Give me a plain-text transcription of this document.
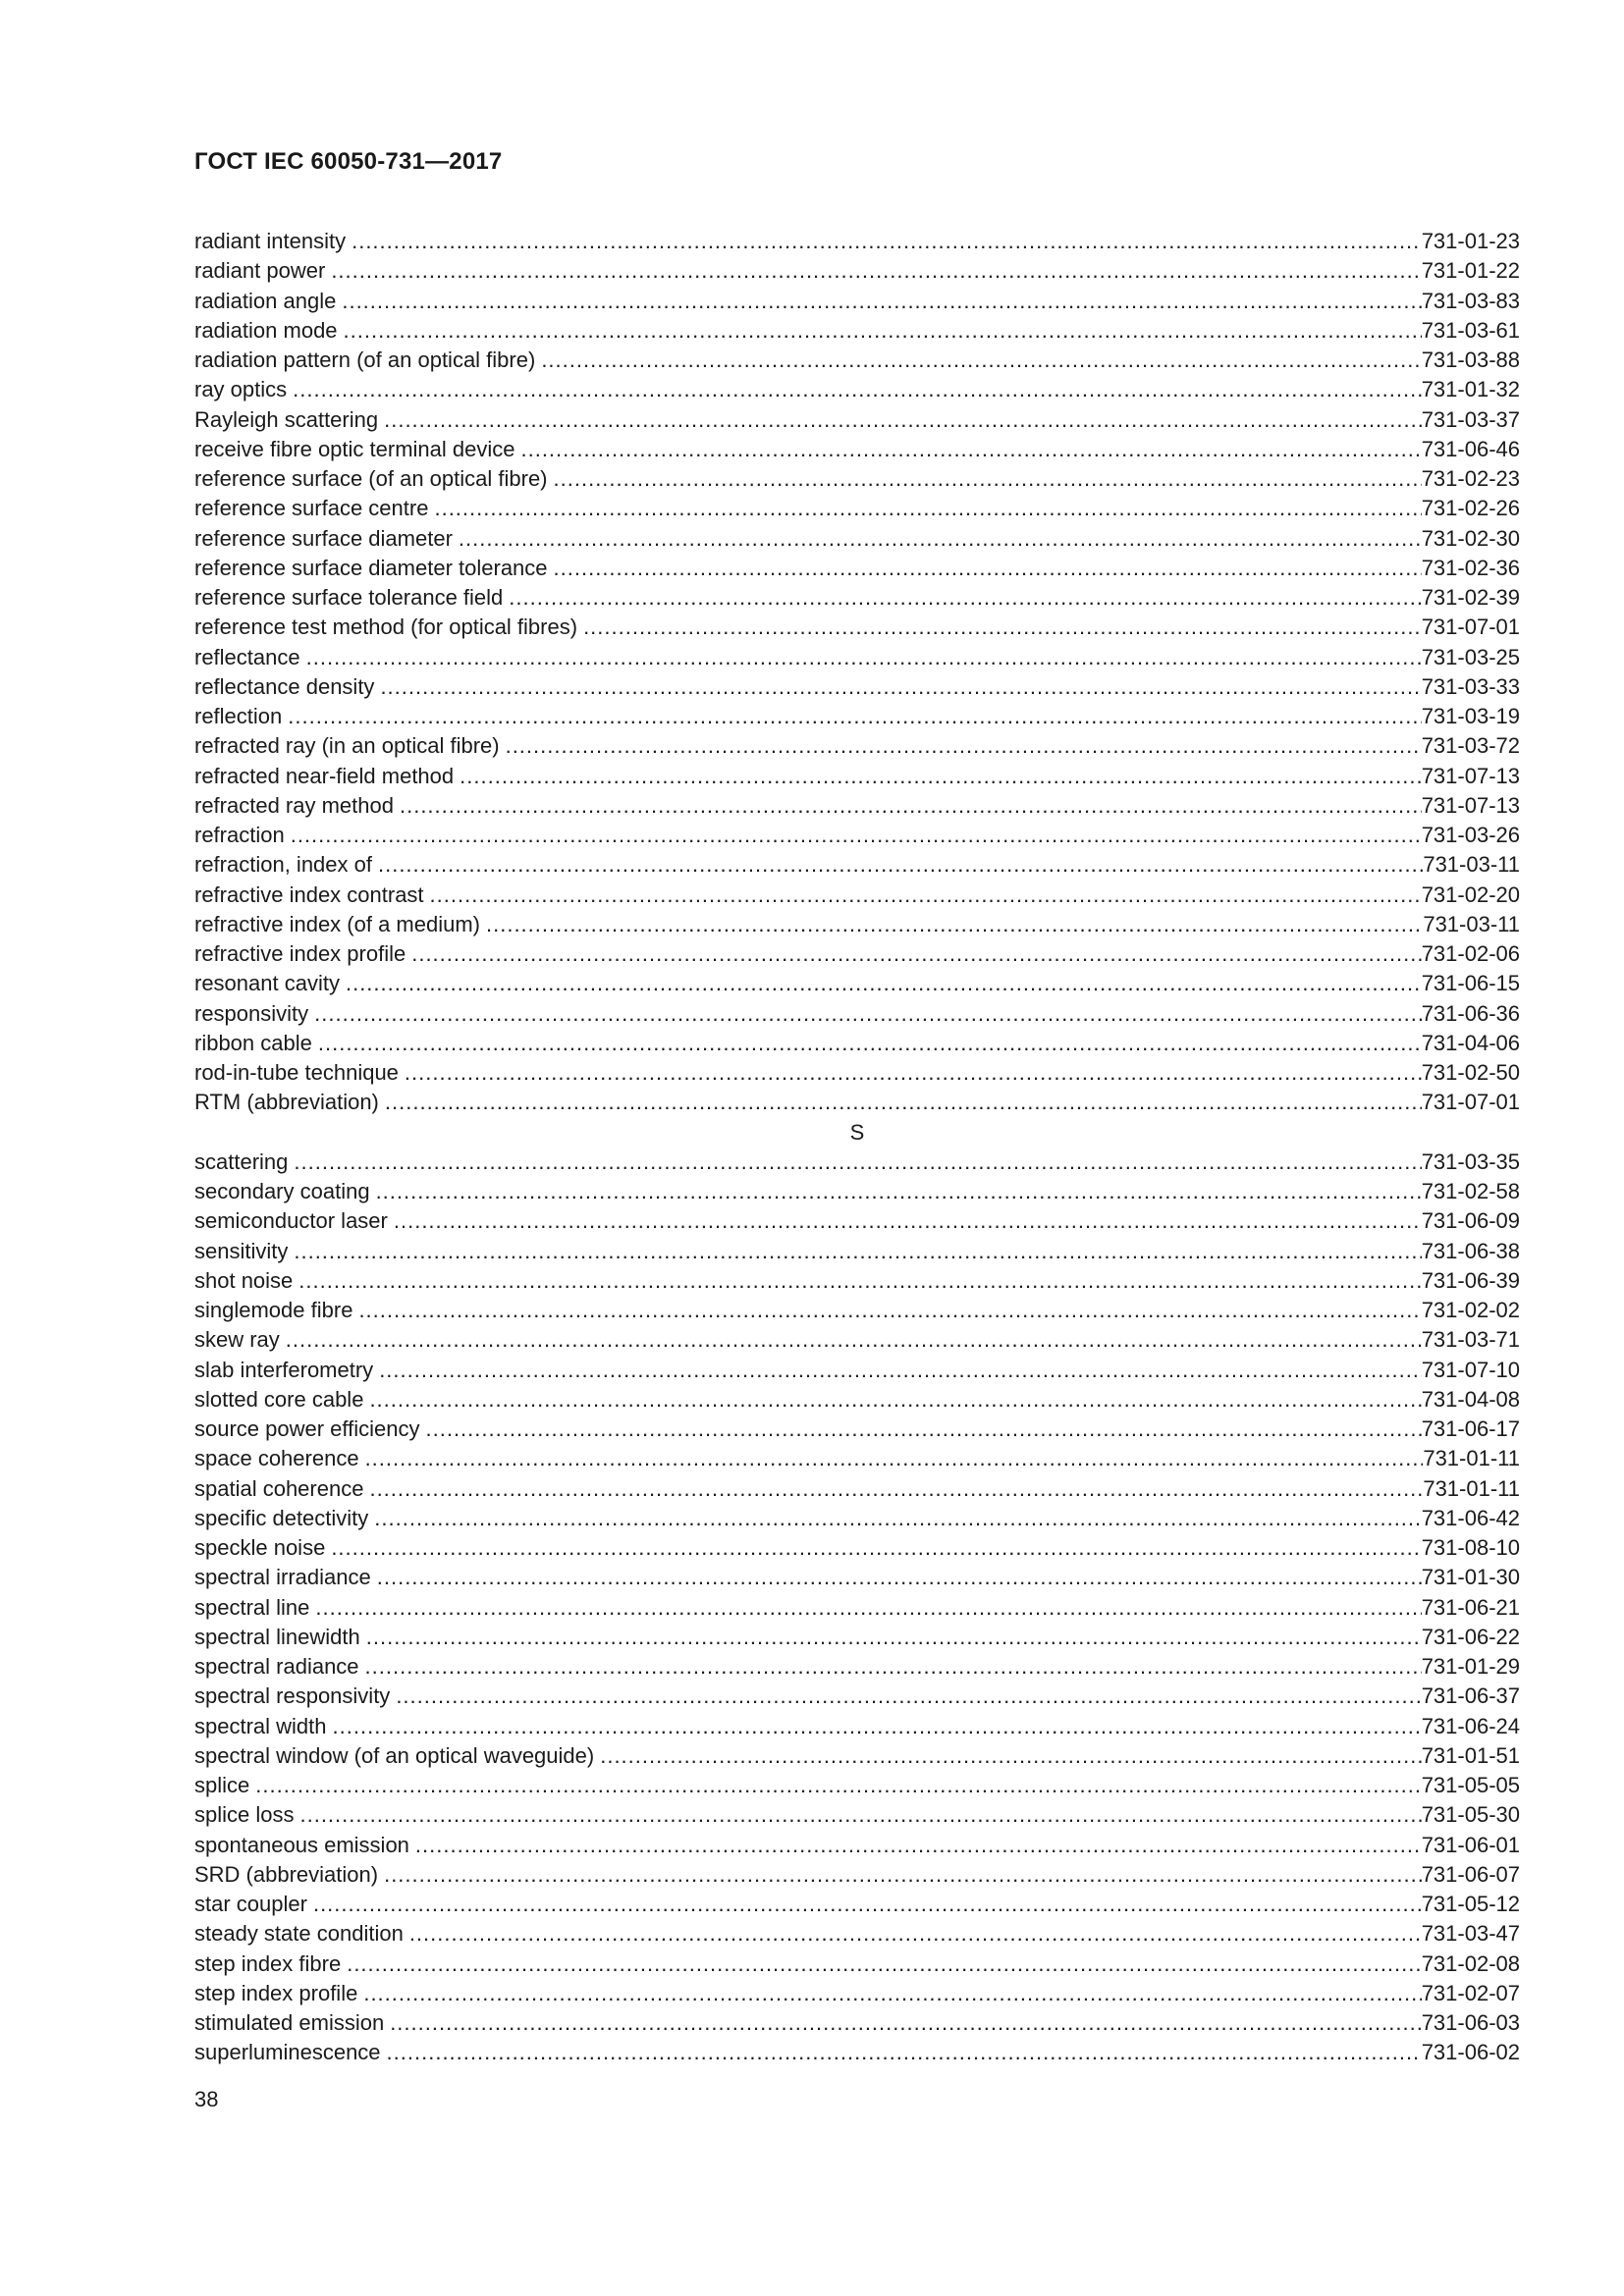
ГОСТ IEC 60050-731—2017
radiant intensity .....	731-01-23
radiant power .....	731-01-22
radiation angle .....	731-03-83
radiation mode .....	731-03-61
radiation pattern (of an optical fibre) .....	731-03-88
ray optics .....	731-01-32
Rayleigh scattering .....	731-03-37
receive fibre optic terminal device .....	731-06-46
reference surface (of an optical fibre) .....	731-02-23
reference surface centre .....	731-02-26
reference surface diameter .....	731-02-30
reference surface diameter tolerance .....	731-02-36
reference surface tolerance field .....	731-02-39
reference test method (for optical fibres) .....	731-07-01
reflectance .....	731-03-25
reflectance density .....	731-03-33
reflection .....	731-03-19
refracted ray (in an optical fibre) .....	731-03-72
refracted near-field method .....	731-07-13
refracted ray method .....	731-07-13
refraction .....	731-03-26
refraction, index of .....	731-03-11
refractive index contrast .....	731-02-20
refractive index (of a medium) .....	731-03-11
refractive index profile .....	731-02-06
resonant cavity .....	731-06-15
responsivity .....	731-06-36
ribbon cable .....	731-04-06
rod-in-tube technique .....	731-02-50
RTM (abbreviation) .....	731-07-01
S
scattering .....	731-03-35
secondary coating .....	731-02-58
semiconductor laser .....	731-06-09
sensitivity .....	731-06-38
shot noise .....	731-06-39
singlemode fibre .....	731-02-02
skew ray .....	731-03-71
slab interferometry .....	731-07-10
slotted core cable .....	731-04-08
source power efficiency .....	731-06-17
space coherence .....	731-01-11
spatial coherence .....	731-01-11
specific detectivity .....	731-06-42
speckle noise .....	731-08-10
spectral irradiance .....	731-01-30
spectral line .....	731-06-21
spectral linewidth .....	731-06-22
spectral radiance .....	731-01-29
spectral responsivity .....	731-06-37
spectral width .....	731-06-24
spectral window (of an optical waveguide) .....	731-01-51
splice .....	731-05-05
splice loss .....	731-05-30
spontaneous emission .....	731-06-01
SRD (abbreviation) .....	731-06-07
star coupler .....	731-05-12
steady state condition .....	731-03-47
step index fibre .....	731-02-08
step index profile .....	731-02-07
stimulated emission .....	731-06-03
superluminescence .....	731-06-02
38
